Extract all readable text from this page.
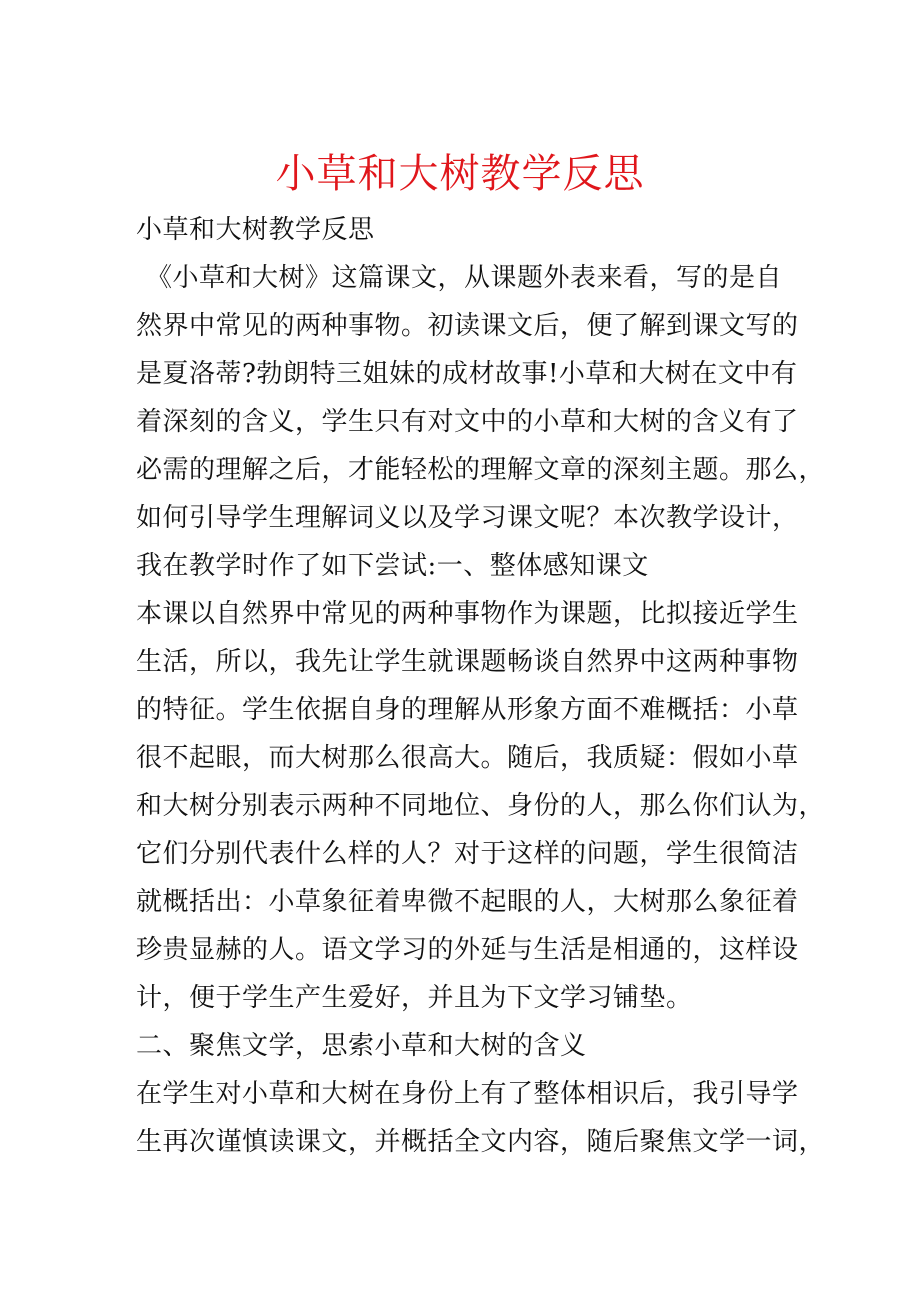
小草和大树教学反思
小草和大树教学反思
《小草和大树》这篇课文，从课题外表来看，写的是自
然界中常见的两种事物。初读课文后，便了解到课文写的
是夏洛蒂?勃朗特三姐妹的成材故事!小草和大树在文中有
着深刻的含义，学生只有对文中的小草和大树的含义有了
必需的理解之后，才能轻松的理解文章的深刻主题。那么，
如何引导学生理解词义以及学习课文呢？本次教学设计，
我在教学时作了如下尝试:一、整体感知课文
本课以自然界中常见的两种事物作为课题，比拟接近学生
生活，所以，我先让学生就课题畅谈自然界中这两种事物
的特征。学生依据自身的理解从形象方面不难概括：小草
很不起眼，而大树那么很高大。随后，我质疑：假如小草
和大树分别表示两种不同地位、身份的人，那么你们认为，
它们分别代表什么样的人？对于这样的问题，学生很简洁
就概括出：小草象征着卑微不起眼的人，大树那么象征着
珍贵显赫的人。语文学习的外延与生活是相通的，这样设
计，便于学生产生爱好，并且为下文学习铺垫。
二、聚焦文学，思索小草和大树的含义
在学生对小草和大树在身份上有了整体相识后，我引导学
生再次谨慎读课文，并概括全文内容，随后聚焦文学一词，
